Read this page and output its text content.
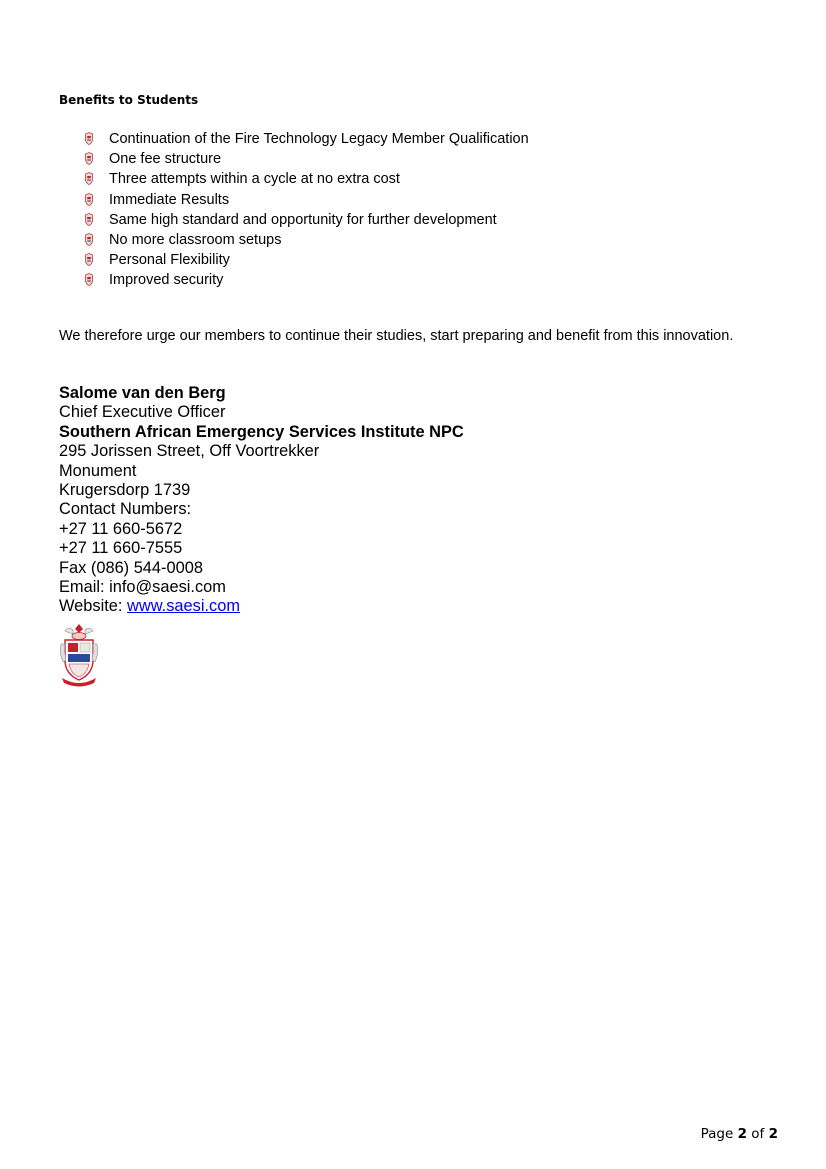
Benefits to Students
Continuation of the Fire Technology Legacy Member Qualification
One fee structure
Three attempts within a cycle at no extra cost
Immediate Results
Same high standard and opportunity for further development
No more classroom setups
Personal Flexibility
Improved security
We therefore urge our members to continue their studies, start preparing and benefit from this innovation.
Salome van den Berg
Chief Executive Officer
Southern African Emergency Services Institute NPC
295 Jorissen Street, Off Voortrekker
Monument
Krugersdorp 1739
Contact Numbers:
+27 11 660-5672
+27 11 660-7555
Fax (086) 544-0008
Email: info@saesi.com
Website: www.saesi.com
Page 2 of 2
